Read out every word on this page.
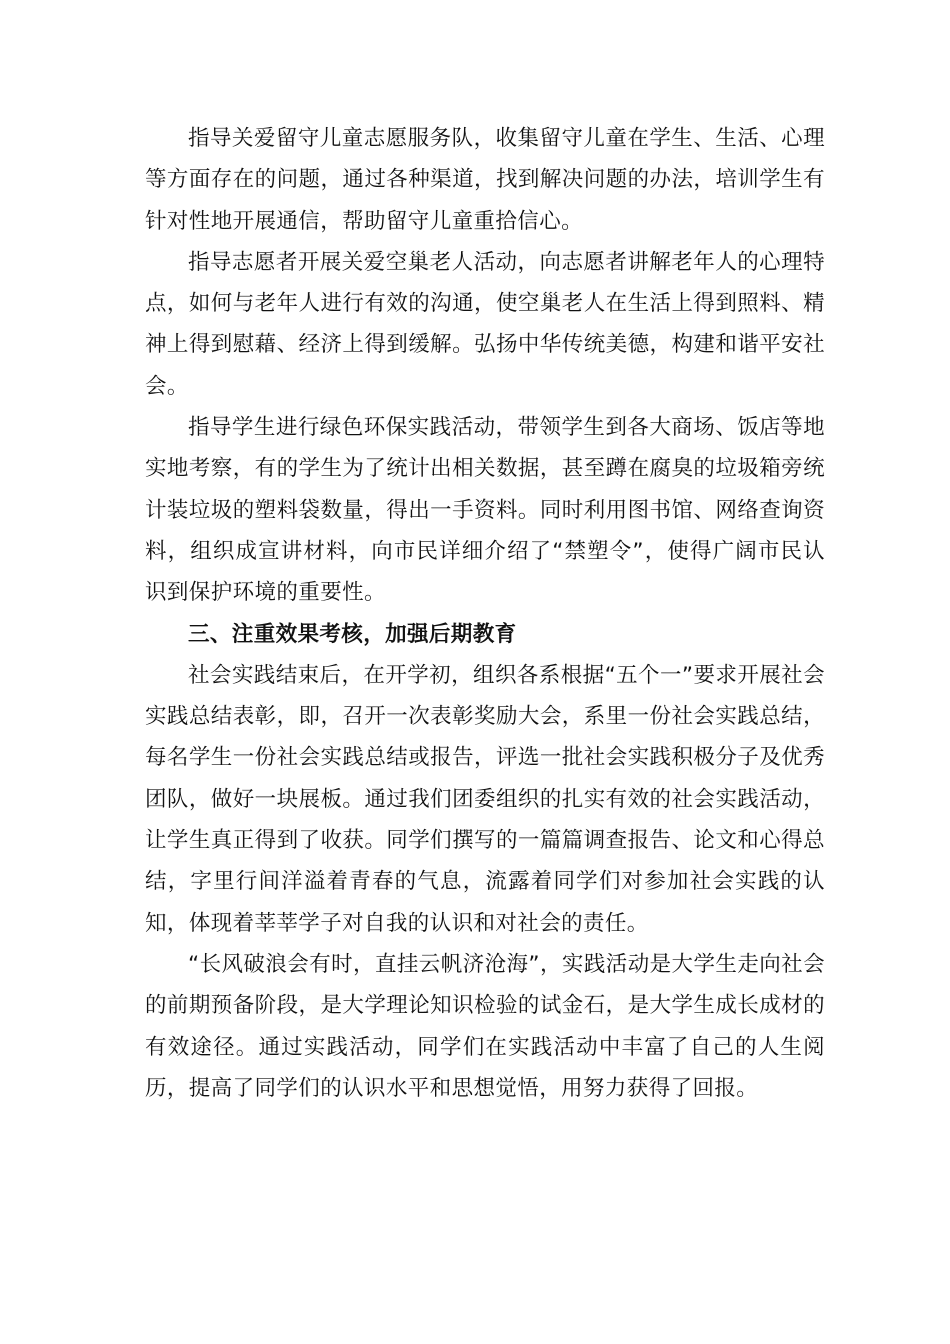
指导关爱留守儿童志愿服务队，收集留守儿童在学生、生活、心理等方面存在的问题，通过各种渠道，找到解决问题的办法，培训学生有针对性地开展通信，帮助留守儿童重拾信心。

指导志愿者开展关爱空巢老人活动，向志愿者讲解老年人的心理特点，如何与老年人进行有效的沟通，使空巢老人在生活上得到照料、精神上得到慰藉、经济上得到缓解。弘扬中华传统美德，构建和谐平安社会。

指导学生进行绿色环保实践活动，带领学生到各大商场、饭店等地实地考察，有的学生为了统计出相关数据，甚至蹲在腐臭的垃圾箱旁统计装垃圾的塑料袋数量，得出一手资料。同时利用图书馆、网络查询资料，组织成宣讲材料，向市民详细介绍了“禁塑令”，使得广阔市民认识到保护环境的重要性。

三、注重效果考核，加强后期教育

社会实践结束后，在开学初，组织各系根据“五个一”要求开展社会实践总结表彰，即，召开一次表彰奖励大会，系里一份社会实践总结，每名学生一份社会实践总结或报告，评选一批社会实践积极分子及优秀团队，做好一块展板。通过我们团委组织的扎实有效的社会实践活动，让学生真正得到了收获。同学们撰写的一篇篇调查报告、论文和心得总结，字里行间洋溢着青春的气息，流露着同学们对参加社会实践的认知，体现着莘莘学子对自我的认识和对社会的责任。

“长风破浪会有时，直挂云帆济沧海”，实践活动是大学生走向社会的前期预备阶段，是大学理论知识检验的试金石，是大学生成长成材的有效途径。通过实践活动，同学们在实践活动中丰富了自己的人生阅历，提高了同学们的认识水平和思想觉悟，用努力获得了回报。
